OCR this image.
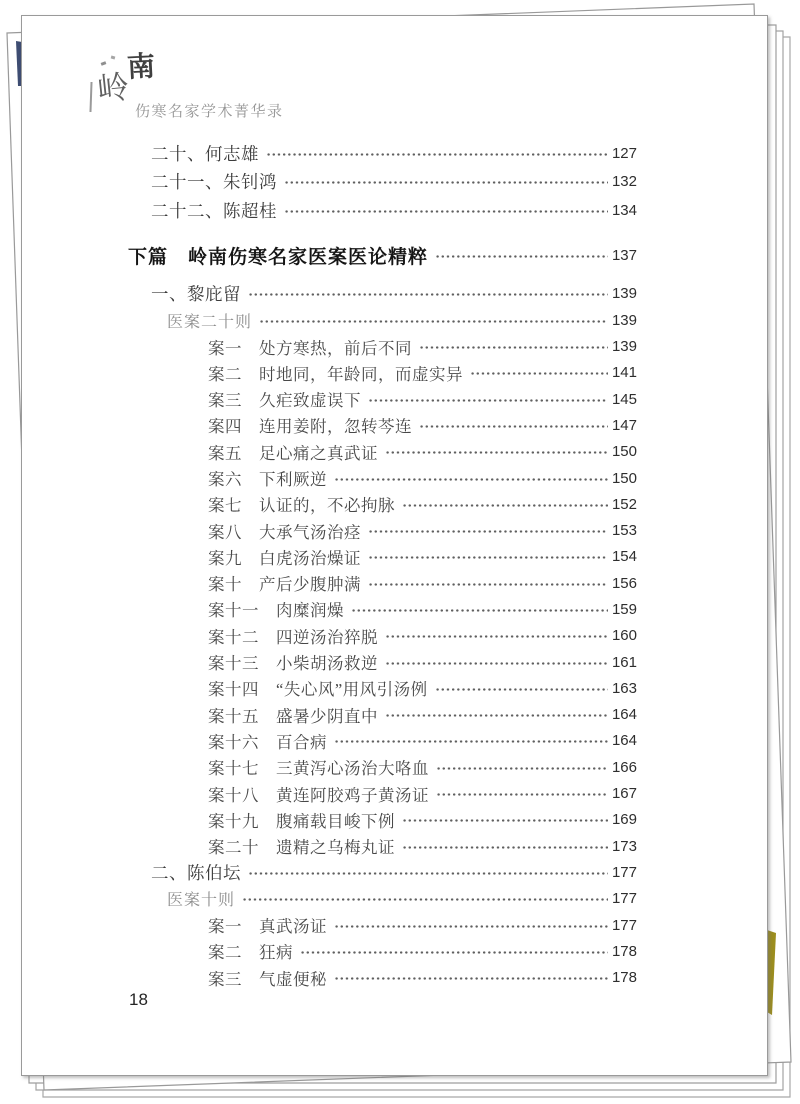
岭
南
伤寒名家学术菁华录
二十、何志雄	127
二十一、朱钊鸿	132
二十二、陈超桂	134
下篇　岭南伤寒名家医案医论精粹	137
一、黎庇留	139
医案二十则	139
案一　处方寒热，前后不同	139
案二　时地同，年龄同，而虚实异	141
案三　久疟致虚误下	145
案四　连用姜附，忽转芩连	147
案五　足心痛之真武证	150
案六　下利厥逆	150
案七　认证的，不必拘脉	152
案八　大承气汤治痉	153
案九　白虎汤治燥证	154
案十　产后少腹肿满	156
案十一　肉糜润燥	159
案十二　四逆汤治猝脱	160
案十三　小柴胡汤救逆	161
案十四　“失心风”用风引汤例	163
案十五　盛暑少阴直中	164
案十六　百合病	164
案十七　三黄泻心汤治大咯血	166
案十八　黄连阿胶鸡子黄汤证	167
案十九　腹痛载目峻下例	169
案二十　遗精之乌梅丸证	173
二、陈伯坛	177
医案十则	177
案一　真武汤证	177
案二　狂病	178
案三　气虚便秘	178
18
